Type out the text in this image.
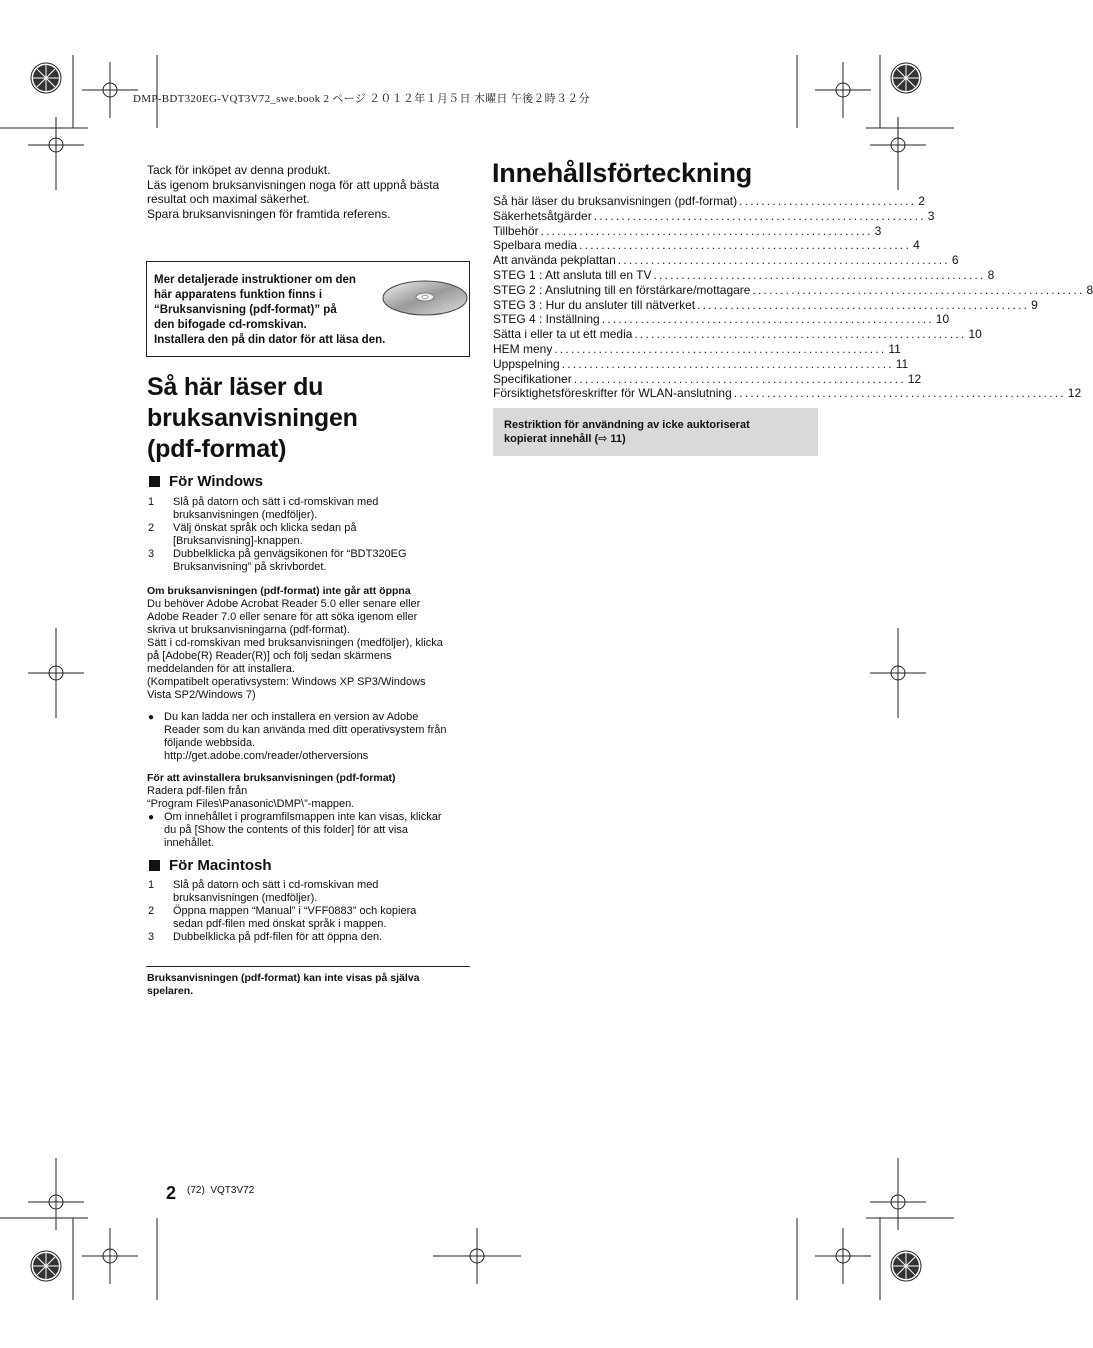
DMP-BDT320EG-VQT3V72_swe.book 2 ページ ２０１２年１月５日 木曜日 午後２時３２分
Tack för inköpet av denna produkt.
Läs igenom bruksanvisningen noga för att uppnå bästa
resultat och maximal säkerhet.
Spara bruksanvisningen för framtida referens.
Mer detaljerade instruktioner om den
här apparatens funktion finns i
“Bruksanvisning (pdf-format)” på
den bifogade cd-romskivan.
Installera den på din dator för att läsa den.
Så här läser du
bruksanvisningen
(pdf-format)
För Windows
1	Slå på datorn och sätt i cd-romskivan med
bruksanvisningen (medföljer).
2	Välj önskat språk och klicka sedan på
[Bruksanvisning]-knappen.
3	Dubbelklicka på genvägsikonen för “BDT320EG
Bruksanvisning” på skrivbordet.
Om bruksanvisningen (pdf-format) inte går att öppna
Du behöver Adobe Acrobat Reader 5.0 eller senare eller
Adobe Reader 7.0 eller senare för att söka igenom eller
skriva ut bruksanvisningarna (pdf-format).
Sätt i cd-romskivan med bruksanvisningen (medföljer), klicka
på [Adobe(R) Reader(R)] och följ sedan skärmens
meddelanden för att installera.
(Kompatibelt operativsystem: Windows XP SP3/Windows
Vista SP2/Windows 7)
● Du kan ladda ner och installera en version av Adobe
Reader som du kan använda med ditt operativsystem från
följande webbsida.
http://get.adobe.com/reader/otherversions
För att avinstallera bruksanvisningen (pdf-format)
Radera pdf-filen från
“Program Files\Panasonic\DMP\”-mappen.
● Om innehållet i programfilsmappen inte kan visas, klickar
du på [Show the contents of this folder] för att visa
innehållet.
För Macintosh
1	Slå på datorn och sätt i cd-romskivan med
bruksanvisningen (medföljer).
2	Öppna mappen “Manual” i “VFF0883” och kopiera
sedan pdf-filen med önskat språk i mappen.
3	Dubbelklicka på pdf-filen för att öppna den.
Bruksanvisningen (pdf-format) kan inte visas på själva
spelaren.
Innehållsförteckning
Så här läser du bruksanvisningen (pdf-format) ................................ 2
Säkerhetsåtgärder ............................................................ 3
Tillbehör ............................................................ 3
Spelbara media ............................................................ 4
Att använda pekplattan ............................................................ 6
STEG 1 : Att ansluta till en TV ............................................................ 8
STEG 2 : Anslutning till en förstärkare/mottagare ............................................................ 8
STEG 3 : Hur du ansluter till nätverket ............................................................ 9
STEG 4 : Inställning ............................................................ 10
Sätta i eller ta ut ett media ............................................................ 10
HEM meny ............................................................ 11
Uppspelning ............................................................ 11
Specifikationer ............................................................ 12
Försiktighetsföreskrifter för WLAN-anslutning ............................................................ 12
Restriktion för användning av icke auktoriserat
kopierat innehåll (⇨ 11)
2 (72)  VQT3V72
